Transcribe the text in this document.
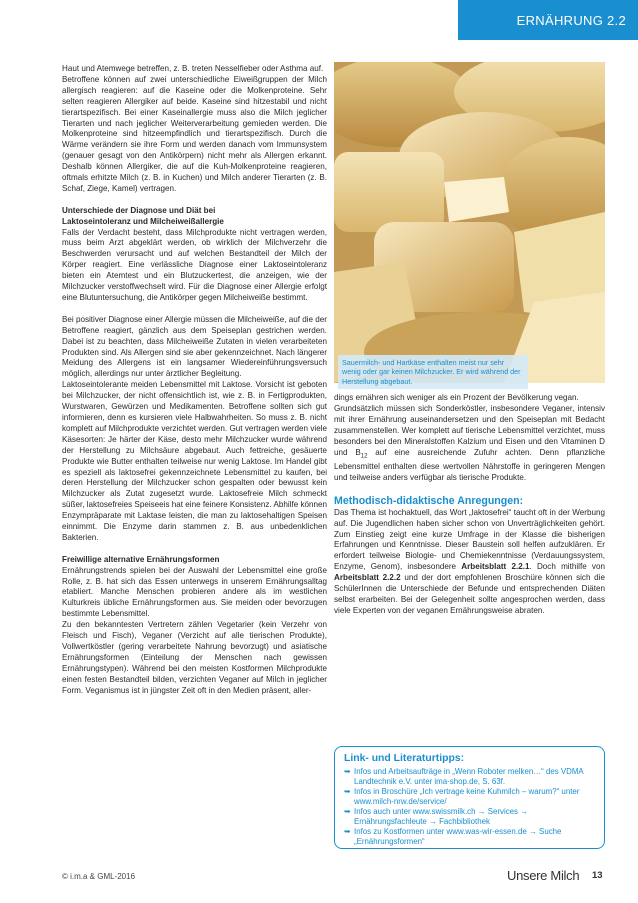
ERNÄHRUNG 2.2

Haut und Atemwege betreffen, z. B. treten Nesselfieber oder Asthma auf.

Betroffene können auf zwei unterschiedliche Eiweißgruppen der Milch allergisch reagieren: auf die Kaseine oder die Molkenproteine. Sehr selten reagieren Allergiker auf beide. Kaseine sind hitzestabil und nicht tierartspezifisch. Bei einer Kaseinallergie muss also die Milch jeglicher Tierarten und nach jeglicher Weiterverarbeitung gemieden werden. Die Molkenproteine sind hitzeempfindlich und tierartspezifisch. Durch die Wärme verändern sie ihre Form und werden danach vom Immunsystem (genauer gesagt von den Antikörpern) nicht mehr als Allergen erkannt. Deshalb können Allergiker, die auf die Kuh-Molkenproteine reagieren, oftmals erhitzte Milch (z. B. in Kuchen) und Milch anderer Tierarten (z. B. Schaf, Ziege, Kamel) vertragen.

Unterschiede der Diagnose und Diät bei
Laktoseintoleranz und Milcheiweißallergie

Falls der Verdacht besteht, dass Milchprodukte nicht vertragen werden, muss beim Arzt abgeklärt werden, ob wirklich der Milchverzehr die Beschwerden verursacht und auf welchen Bestandteil der Milch der Körper reagiert. Eine verlässliche Diagnose einer Laktoseintoleranz bieten ein Atemtest und ein Blutzuckertest, die anzeigen, wie der Milchzucker verstoffwechselt wird. Für die Diagnose einer Allergie erfolgt eine Blutuntersuchung, die Antikörper gegen Milcheiweiße bestimmt.

Bei positiver Diagnose einer Allergie müssen die Milcheiweiße, auf die der Betroffene reagiert, gänzlich aus dem Speiseplan gestrichen werden. Dabei ist zu beachten, dass Milcheiweiße Zutaten in vielen verarbeiteten Produkten sind. Als Allergen sind sie aber gekennzeichnet. Nach längerer Meidung des Allergens ist ein langsamer Wiedereinführungsversuch möglich, allerdings nur unter ärztlicher Begleitung.

Laktoseintolerante meiden Lebensmittel mit Laktose. Vorsicht ist geboten bei Milchzucker, der nicht offensichtlich ist, wie z. B. in Fertigprodukten, Wurstwaren, Gewürzen und Medikamenten. Betroffene sollten sich gut informieren, denn es kursieren viele Halbwahrheiten. So muss z. B. nicht komplett auf Milchprodukte verzichtet werden. Gut vertragen werden viele Käsesorten: Je härter der Käse, desto mehr Milchzucker wurde während der Herstellung zu Milchsäure abgebaut. Auch fettreiche, gesäuerte Produkte wie Butter enthalten teilweise nur wenig Laktose. Im Handel gibt es speziell als laktosefrei gekennzeichnete Lebensmittel zu kaufen, bei deren Herstellung der Milchzucker schon gespalten oder bewusst kein Milchzucker als Zutat zugesetzt wurde. Laktosefreie Milch schmeckt süßer, laktosefreies Speiseeis hat eine feinere Konsistenz. Abhilfe können Enzympräparate mit Laktase leisten, die man zu laktosehaltigen Speisen einnimmt. Die Enzyme darin stammen z. B. aus unbedenklichen Bakterien.

Freiwillige alternative Ernährungsformen

Ernährungstrends spielen bei der Auswahl der Lebensmittel eine große Rolle, z. B. hat sich das Essen unterwegs in unserem Ernährungsalltag etabliert. Manche Menschen probieren andere als im westlichen Kulturkreis übliche Ernährungsformen aus. Sie meiden oder bevorzugen bestimmte Lebensmittel.

Zu den bekanntesten Vertretern zählen Vegetarier (kein Verzehr von Fleisch und Fisch), Veganer (Verzicht auf alle tierischen Produkte), Vollwertköstler (gering verarbeitete Nahrung bevorzugt) und asiatische Ernährungsformen (Einteilung der Menschen nach gewissen Ernährungstypen). Während bei den meisten Kostformen Milchprodukte einen festen Bestandteil bilden, verzichten Veganer auf Milch in jeglicher Form. Veganismus ist in jüngster Zeit oft in den Medien präsent, aller-

Sauermilch- und Hartkäse enthalten meist nur sehr wenig oder gar keinen Milchzucker. Er wird während der Herstellung abgebaut.

dings ernähren sich weniger als ein Prozent der Bevölkerung vegan.

Grundsätzlich müssen sich Sonderköstler, insbesondere Veganer, intensiv mit ihrer Ernährung auseinandersetzen und den Speiseplan mit Bedacht zusammenstellen. Wer komplett auf tierische Lebensmittel verzichtet, muss besonders bei den Mineralstoffen Kalzium und Eisen und den Vitaminen D und $B_{12}$ auf eine ausreichende Zufuhr achten. Denn pflanzliche Lebensmittel enthalten diese wertvollen Nährstoffe in geringeren Mengen und teilweise anders verfügbar als tierische Produkte.

Methodisch-didaktische Anregungen:

Das Thema ist hochaktuell, das Wort „laktosefrei“ taucht oft in der Werbung auf. Die Jugendlichen haben sicher schon von Unverträglichkeiten gehört. Zum Einstieg zeigt eine kurze Umfrage in der Klasse die bisherigen Erfahrungen und Kenntnisse. Dieser Baustein soll helfen aufzuklären. Er erfordert teilweise Biologie- und Chemiekenntnisse (Verdauungssystem, Enzyme, Genom), insbesondere Arbeitsblatt 2.2.1. Doch mithilfe von Arbeitsblatt 2.2.2 und der dort empfohlenen Broschüre können sich die SchülerInnen die Unterschiede der Befunde und entsprechenden Diäten selbst erarbeiten. Bei der Gelegenheit sollte angesprochen werden, dass viele Experten von der veganen Ernährungsweise abraten.

Link- und Literaturtipps:
➥ Infos und Arbeitsaufträge in „Wenn Roboter melken…“ des VDMA Landtechnik e.V. unter ima-shop.de, S. 63f.
➥ Infos in Broschüre „Ich vertrage keine Kuhmilch – warum?“ unter www.milch-nrw.de/service/
➥ Infos auch unter www.swissmilk.ch → Services → Ernährungsfachleute → Fachbibliothek
➥ Infos zu Kostformen unter www.was-wir-essen.de → Suche „Ernährungsformen“
© i.m.a & GML-2016	Unsere Milch 13
